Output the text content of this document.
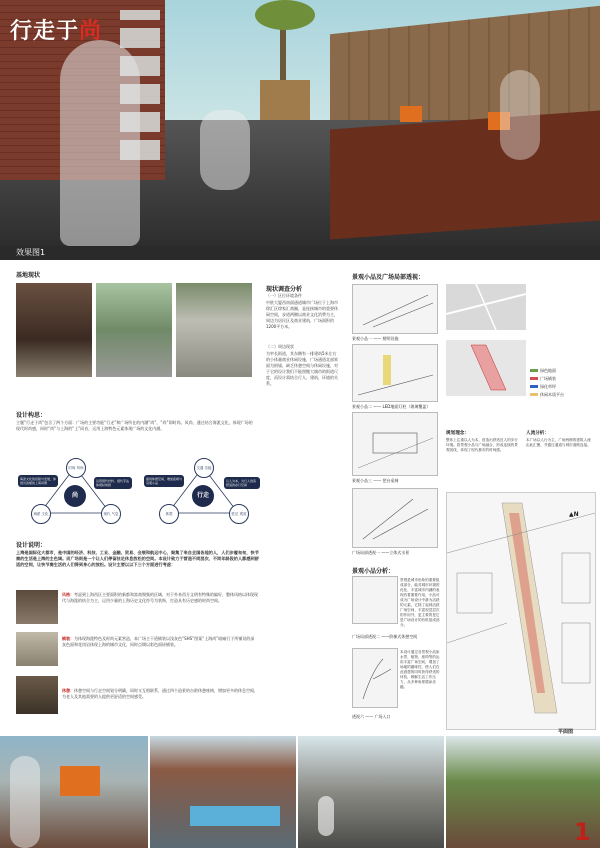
行走于尚
效果图1
基地现状
现状调查分析
（一）区位环境条件
中欧大厦西南面通道城市广场位于上海市徐汇区徐家汇商圈，是连接城市的重要休闲空间，步道两侧以商业文化消费为主，周边为居民区及商业建筑，广场面积约1200平方米。
（二）周边现状
为窄长街道，其东侧有一排建筑5米左右的小体量商业休闲设施，广场通道北部界面为围墙，缺乏休憩空间与休闲设施，对于它的设计我们不能照搬大城市的街道尺度，而设计需结合行人、建筑、环境的关系。
设计构思：
主题“行走于尚”包含了两个方面：广场的主要功能“行走”和广场所在的内涵“尚”，“尚”即时尚、风尚，通过结合海派文化，体现广场的现代时尚感，同时“尚”与上海的“上”同音，运用上海特色元素体现广场的文化内涵。
时尚 风尚
海派 文化	现代 气息
尚
海派文化的延续与发展，体现出浓郁的上海风情	运用现代材料、现代手法体现时尚感
交通 功能
休憩	驻足 观赏
行走
提供休憩空间，增加座椅与景观小品	以人为本，为行人创造舒适的步行空间
设计说明：
上海是国际化大都市，是中国的经济、科技、工业、金融、贸易、会展和航运中心，聚集了来自全国各地的人，人们步履匆匆，快节奏的生活是上海的主色调。而广场则是一个让人们停留驻足休息放松的空间。本设计致力于营造不同层次、不同年龄段的人都感到舒适的空间，让快节奏生活的人们得到身心的放松。设计主要以以下三个方面进行考虑：
风格：考虑到上海西区主要面积的新都和富商聚集的区域，对于外来西方文明有特殊的偏好，整体风格以体现现代与海派的结合为主，运用少量的上海历史文化符号为装饰，打造具有历史感的时尚空间。
铺装：为体现海派特色及时尚元素营造，本广场主干道铺装以浅灰色“SHS”图案“上海尚”暗喻行于所铺设的深灰色面和花岗岩体现上海的城市文化，同时点缀以彩色面砖铺装。
休憩：休憩空间与行走空间划分明确，同时又互相联系，通过四个造景的台阶休憩座椅，增加更多的休息空间，为老人及其他需要的人提供更舒适的空间感受。
景观小品及广场局部透视：
景观小品一 —— 照明设施
景观小品二 —— LED地面灯柱（玻璃覆盖）
景观小品三 —— 把台桌椅
广场局部透视一 ——立体式水景
景观小品分析：
景观是城市形象的重要组成部分，能对城市环境的优化、丰富城市内涵的表现有着重要作用，小品可成为广场设计中最为活跃的元素，它除了起到活跃广场空间、丰富视觉层次的作用外，更主要的是它是广场设计的有机组成部分。
广场局部透视二 ——阶梯式休憩空间
本设计通过各景观小品如水景、植物、座椅等的运用丰富广场空间，增加了场地的趣味性，使人们在此游憩的同时获得舒适的体验，缓解生活工作压力，从多种角度增添乐趣。
透视六 —— 广场入口
绿色地面
广场铺装
绿化草坪
休闲木质平台
规划理念：
整体上注重以人为本，营造出舒适宜人的步行环境。将景观小品与广场融合，形成连续的景观视线，体现了现代都市的时尚感。
人流分析：
本广场以人行为主，广场两侧的建筑人流由此汇聚，并通过通道与城市道路连接。
▲N
平面图
1
